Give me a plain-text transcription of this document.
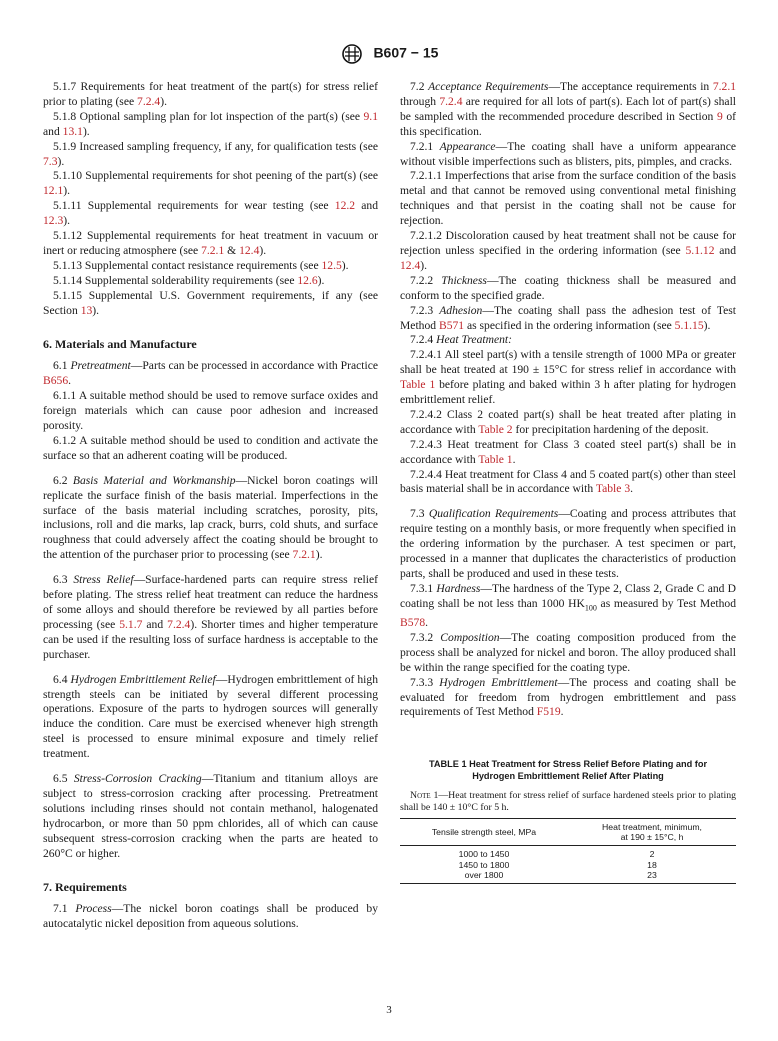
B607 − 15

5.1.7 Requirements for heat treatment of the part(s) for stress relief prior to plating (see 7.2.4).

5.1.8 Optional sampling plan for lot inspection of the part(s) (see 9.1 and 13.1).

5.1.9 Increased sampling frequency, if any, for qualification tests (see 7.3).

5.1.10 Supplemental requirements for shot peening of the part(s) (see 12.1).

5.1.11 Supplemental requirements for wear testing (see 12.2 and 12.3).

5.1.12 Supplemental requirements for heat treatment in vacuum or inert or reducing atmosphere (see 7.2.1 & 12.4).

5.1.13 Supplemental contact resistance requirements (see 12.5).

5.1.14 Supplemental solderability requirements (see 12.6).

5.1.15 Supplemental U.S. Government requirements, if any (see Section 13).

6. Materials and Manufacture

6.1 Pretreatment—Parts can be processed in accordance with Practice B656.

6.1.1 A suitable method should be used to remove surface oxides and foreign materials which can cause poor adhesion and increased porosity.

6.1.2 A suitable method should be used to condition and activate the surface so that an adherent coating will be produced.

6.2 Basis Material and Workmanship—Nickel boron coatings will replicate the surface finish of the basis material. Imperfections in the surface of the basis material including scratches, porosity, pits, inclusions, roll and die marks, lap crack, burrs, cold shuts, and surface roughness that could adversely affect the coating should be brought to the attention of the purchaser prior to processing (see 7.2.1).

6.3 Stress Relief—Surface-hardened parts can require stress relief before plating. The stress relief heat treatment can reduce the hardness of some alloys and should therefore be reviewed by all parties before processing (see 5.1.7 and 7.2.4). Shorter times and higher temperature can be used if the resulting loss of surface hardness is acceptable to the purchaser.

6.4 Hydrogen Embrittlement Relief—Hydrogen embrittlement of high strength steels can be initiated by several different processing operations. Exposure of the parts to hydrogen sources will generally induce the condition. Care must be exercised whenever high strength steel is processed to ensure minimal exposure and timely relief treatment.

6.5 Stress-Corrosion Cracking—Titanium and titanium alloys are subject to stress-corrosion cracking after processing. Pretreatment solutions including rinses should not contain methanol, halogenated hydrocarbon, or more than 50 ppm chlorides, all of which can cause subsequent stress-corrosion cracking when the parts are heated to 260°C or higher.

7. Requirements

7.1 Process—The nickel boron coatings shall be produced by autocatalytic nickel deposition from aqueous solutions.

7.2 Acceptance Requirements—The acceptance requirements in 7.2.1 through 7.2.4 are required for all lots of part(s). Each lot of part(s) shall be sampled with the recommended procedure described in Section 9 of this specification.

7.2.1 Appearance—The coating shall have a uniform appearance without visible imperfections such as blisters, pits, pimples, and cracks.

7.2.1.1 Imperfections that arise from the surface condition of the basis metal and that cannot be removed using conventional metal finishing techniques and that persist in the coating shall not be cause for rejection.

7.2.1.2 Discoloration caused by heat treatment shall not be cause for rejection unless specified in the ordering information (see 5.1.12 and 12.4).

7.2.2 Thickness—The coating thickness shall be measured and conform to the specified grade.

7.2.3 Adhesion—The coating shall pass the adhesion test of Test Method B571 as specified in the ordering information (see 5.1.15).

7.2.4 Heat Treatment:

7.2.4.1 All steel part(s) with a tensile strength of 1000 MPa or greater shall be heat treated at 190 ± 15°C for stress relief in accordance with Table 1 before plating and baked within 3 h after plating for hydrogen embrittlement relief.

7.2.4.2 Class 2 coated part(s) shall be heat treated after plating in accordance with Table 2 for precipitation hardening of the deposit.

7.2.4.3 Heat treatment for Class 3 coated steel part(s) shall be in accordance with Table 1.

7.2.4.4 Heat treatment for Class 4 and 5 coated part(s) other than steel basis material shall be in accordance with Table 3.

7.3 Qualification Requirements—Coating and process attributes that require testing on a monthly basis, or more frequently when specified in the ordering information by the purchaser. A test specimen or part, processed in a manner that duplicates the characteristics of production parts, shall be produced and used in these tests.

7.3.1 Hardness—The hardness of the Type 2, Class 2, Grade C and D coating shall be not less than 1000 $HK_{100}$ as measured by Test Method B578.

7.3.2 Composition—The coating composition produced from the process shall be analyzed for nickel and boron. The alloy produced shall be within the range specified for the coating type.

7.3.3 Hydrogen Embrittlement—The process and coating shall be evaluated for freedom from hydrogen embrittlement and pass requirements of Test Method F519.

TABLE 1 Heat Treatment for Stress Relief Before Plating and for
Hydrogen Embrittlement Relief After Plating
Note 1—Heat treatment for stress relief of surface hardened steels prior to plating shall be 140 ± 10°C for 5 h.
Tensile strength steel, MPa	Heat treatment, minimum,
at 190 ± 15°C, h

1000 to 1450	2
1450 to 1800	18
over 1800	23
3
